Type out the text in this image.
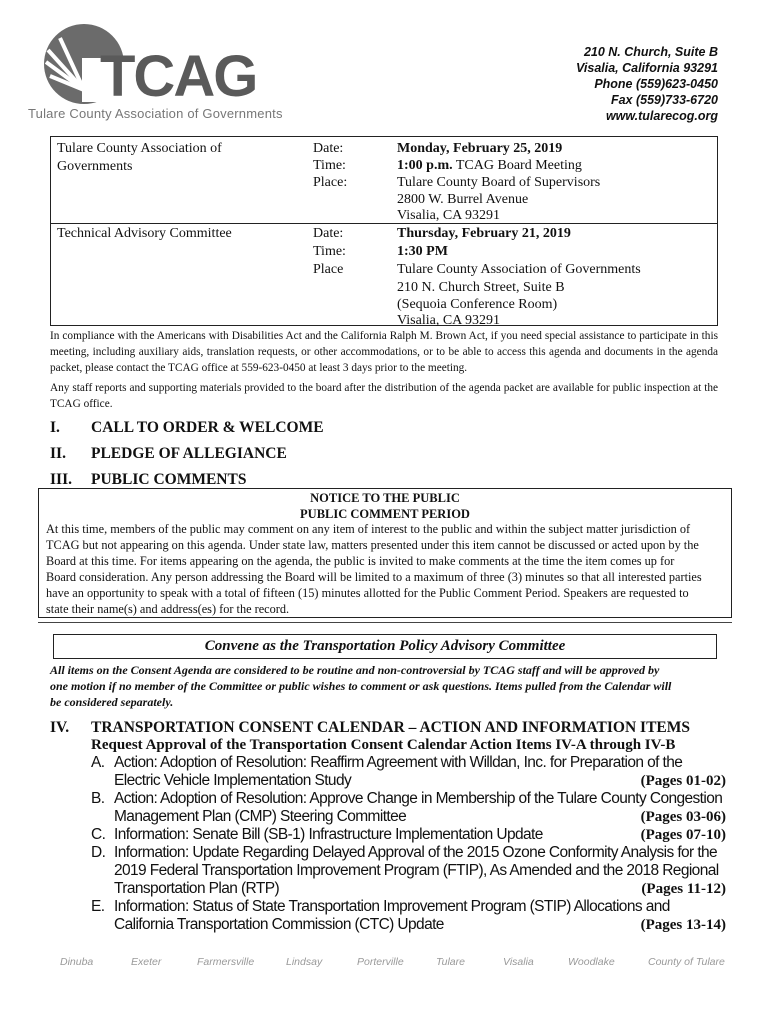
TCAG
Tulare County Association of Governments
210 N. Church, Suite B
Visalia, California 93291
Phone (559)623-0450
Fax (559)733-6720
www.tularecog.org
Tulare County Association of Governments
Date:	Monday, February 25, 2019
Time:	1:00 p.m. TCAG Board Meeting
Place:	Tulare County Board of Supervisors
2800 W. Burrel Avenue
Visalia, CA 93291
Technical Advisory Committee	Date:	Thursday, February 21, 2019
Time:	1:30 PM
Place	Tulare County Association of Governments
210 N. Church Street, Suite B
(Sequoia Conference Room)
Visalia, CA 93291
In compliance with the Americans with Disabilities Act and the California Ralph M. Brown Act, if you need special assistance to participate in this meeting, including auxiliary aids, translation requests, or other accommodations, or to be able to access this agenda and documents in the agenda packet, please contact the TCAG office at 559-623-0450 at least 3 days prior to the meeting.
Any staff reports and supporting materials provided to the board after the distribution of the agenda packet are available for public inspection at the TCAG office.
I. CALL TO ORDER & WELCOME
II. PLEDGE OF ALLEGIANCE
III. PUBLIC COMMENTS
NOTICE TO THE PUBLIC
PUBLIC COMMENT PERIOD
At this time, members of the public may comment on any item of interest to the public and within the subject matter jurisdiction of
TCAG but not appearing on this agenda. Under state law, matters presented under this item cannot be discussed or acted upon by the
Board at this time. For items appearing on the agenda, the public is invited to make comments at the time the item comes up for
Board consideration. Any person addressing the Board will be limited to a maximum of three (3) minutes so that all interested parties
have an opportunity to speak with a total of fifteen (15) minutes allotted for the Public Comment Period. Speakers are requested to
state their name(s) and address(es) for the record.
Convene as the Transportation Policy Advisory Committee
All items on the Consent Agenda are considered to be routine and non-controversial by TCAG staff and will be approved by
one motion if no member of the Committee or public wishes to comment or ask questions. Items pulled from the Calendar will
be considered separately.
IV. TRANSPORTATION CONSENT CALENDAR – ACTION AND INFORMATION ITEMS
Request Approval of the Transportation Consent Calendar Action Items IV-A through IV-B
A. Action: Adoption of Resolution: Reaffirm Agreement with Willdan, Inc. for Preparation of the
Electric Vehicle Implementation Study	(Pages 01-02)
B. Action: Adoption of Resolution: Approve Change in Membership of the Tulare County Congestion
Management Plan (CMP) Steering Committee	(Pages 03-06)
C. Information: Senate Bill (SB-1) Infrastructure Implementation Update	(Pages 07-10)
D. Information: Update Regarding Delayed Approval of the 2015 Ozone Conformity Analysis for the
2019 Federal Transportation Improvement Program (FTIP), As Amended and the 2018 Regional
Transportation Plan (RTP)	(Pages 11-12)
E. Information: Status of State Transportation Improvement Program (STIP) Allocations and
California Transportation Commission (CTC) Update	(Pages 13-14)
Dinuba	Exeter	Farmersville	Lindsay	Porterville	Tulare	Visalia	Woodlake	County of Tulare
